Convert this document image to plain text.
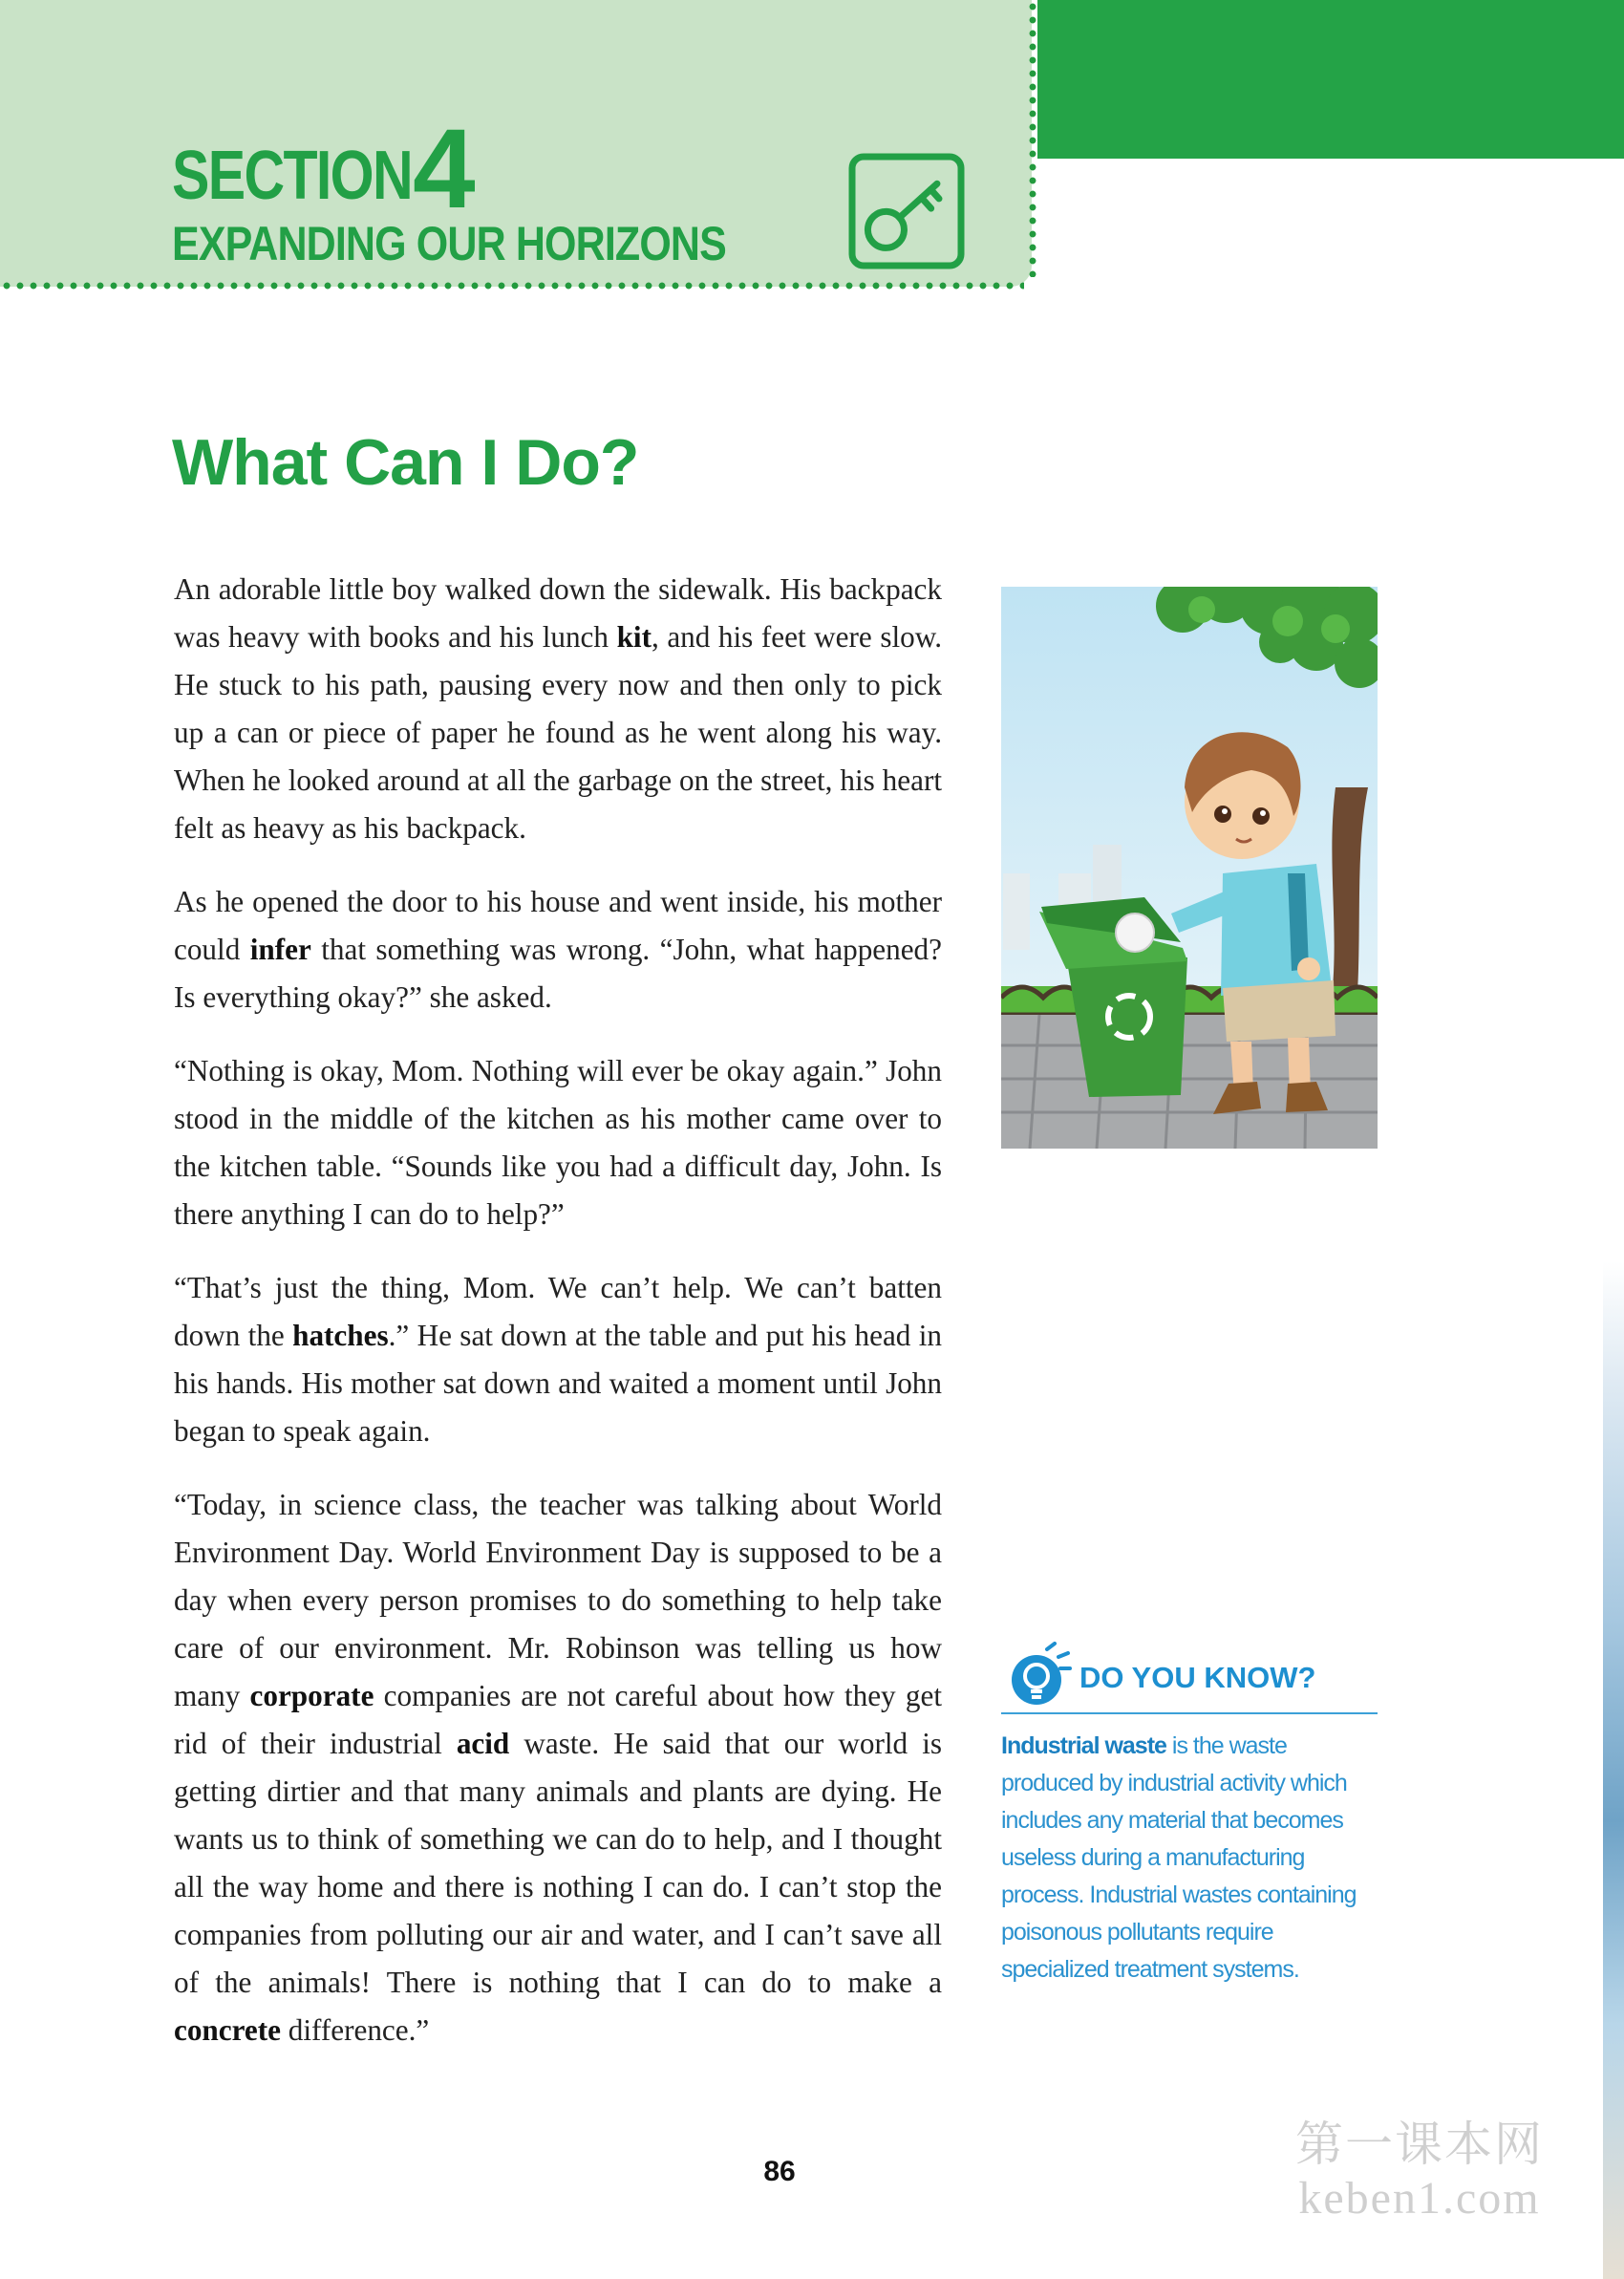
SECTION 4
EXPANDING OUR HORIZONS
What Can I Do?

An adorable little boy walked down the sidewalk. His backpack was heavy with books and his lunch kit, and his feet were slow. He stuck to his path, pausing every now and then only to pick up a can or piece of paper he found as he went along his way. When he looked around at all the garbage on the street, his heart felt as heavy as his backpack.

As he opened the door to his house and went inside, his mother could infer that something was wrong. “John, what happened? Is everything okay?” she asked.

“Nothing is okay, Mom. Nothing will ever be okay again.” John stood in the middle of the kitchen as his mother came over to the kitchen table. “Sounds like you had a difficult day, John. Is there anything I can do to help?”

“That’s just the thing, Mom. We can’t help. We can’t batten down the hatches.” He sat down at the table and put his head in his hands. His mother sat down and waited a moment until John began to speak again.

“Today, in science class, the teacher was talking about World Environment Day. World Environment Day is supposed to be a day when every person promises to do something to help take care of our environment. Mr. Robinson was telling us how many corporate companies are not careful about how they get rid of their industrial acid waste. He said that our world is getting dirtier and that many animals and plants are dying. He wants us to think of something we can do to help, and I thought all the way home and there is nothing I can do. I can’t stop the companies from polluting our air and water, and I can’t save all of the animals! There is nothing that I can do to make a concrete difference.”

DO YOU KNOW?
Industrial waste is the waste produced by industrial activity which includes any material that becomes useless during a manufacturing process. Industrial wastes containing poisonous pollutants require specialized treatment systems.
86	第一课本网
keben1.com
